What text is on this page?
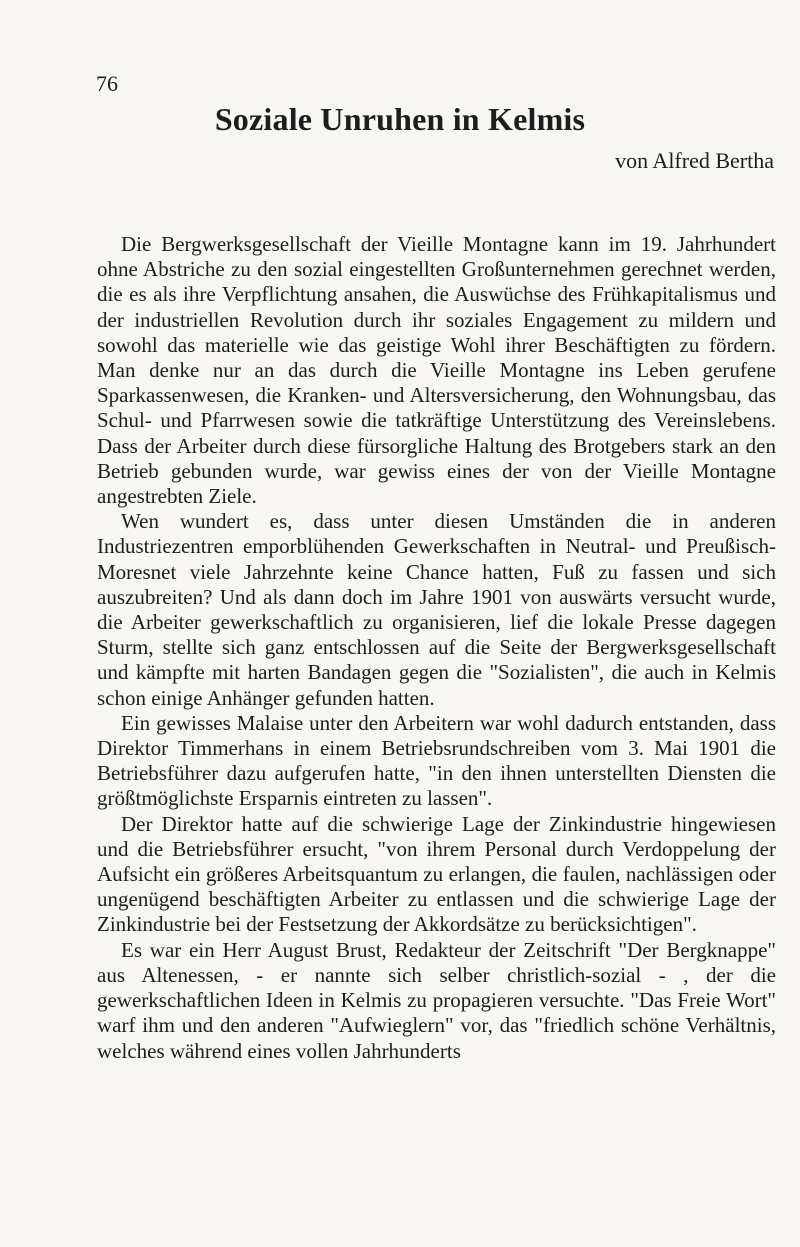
76
Soziale Unruhen in Kelmis
von Alfred Bertha

Die Bergwerksgesellschaft der Vieille Montagne kann im 19. Jahrhundert ohne Abstriche zu den sozial eingestellten Großunternehmen gerechnet werden, die es als ihre Verpflichtung ansahen, die Auswüchse des Frühkapitalismus und der industriellen Revolution durch ihr soziales Engagement zu mildern und sowohl das materielle wie das geistige Wohl ihrer Beschäftigten zu fördern. Man denke nur an das durch die Vieille Montagne ins Leben gerufene Sparkassenwesen, die Kranken- und Altersversicherung, den Wohnungsbau, das Schul- und Pfarrwesen sowie die tatkräftige Unterstützung des Vereinslebens. Dass der Arbeiter durch diese fürsorgliche Haltung des Brotgebers stark an den Betrieb gebunden wurde, war gewiss eines der von der Vieille Montagne angestrebten Ziele.

Wen wundert es, dass unter diesen Umständen die in anderen Industriezentren emporblühenden Gewerkschaften in Neutral- und Preußisch-Moresnet viele Jahrzehnte keine Chance hatten, Fuß zu fassen und sich auszubreiten? Und als dann doch im Jahre 1901 von auswärts versucht wurde, die Arbeiter gewerkschaftlich zu organisieren, lief die lokale Presse dagegen Sturm, stellte sich ganz entschlossen auf die Seite der Bergwerksgesellschaft und kämpfte mit harten Bandagen gegen die "Sozialisten", die auch in Kelmis schon einige Anhänger gefunden hatten.

Ein gewisses Malaise unter den Arbeitern war wohl dadurch entstanden, dass Direktor Timmerhans in einem Betriebsrundschreiben vom 3. Mai 1901 die Betriebsführer dazu aufgerufen hatte, "in den ihnen unterstellten Diensten die größtmöglichste Ersparnis eintreten zu lassen".

Der Direktor hatte auf die schwierige Lage der Zinkindustrie hingewiesen und die Betriebsführer ersucht, "von ihrem Personal durch Verdoppelung der Aufsicht ein größeres Arbeitsquantum zu erlangen, die faulen, nachlässigen oder ungenügend beschäftigten Arbeiter zu entlassen und die schwierige Lage der Zinkindustrie bei der Festsetzung der Akkordsätze zu berücksichtigen".

Es war ein Herr August Brust, Redakteur der Zeitschrift "Der Bergknappe" aus Altenessen, - er nannte sich selber christlich-sozial - , der die gewerkschaftlichen Ideen in Kelmis zu propagieren versuchte. "Das Freie Wort" warf ihm und den anderen "Aufwieglern" vor, das "friedlich schöne Verhältnis, welches während eines vollen Jahrhunderts
